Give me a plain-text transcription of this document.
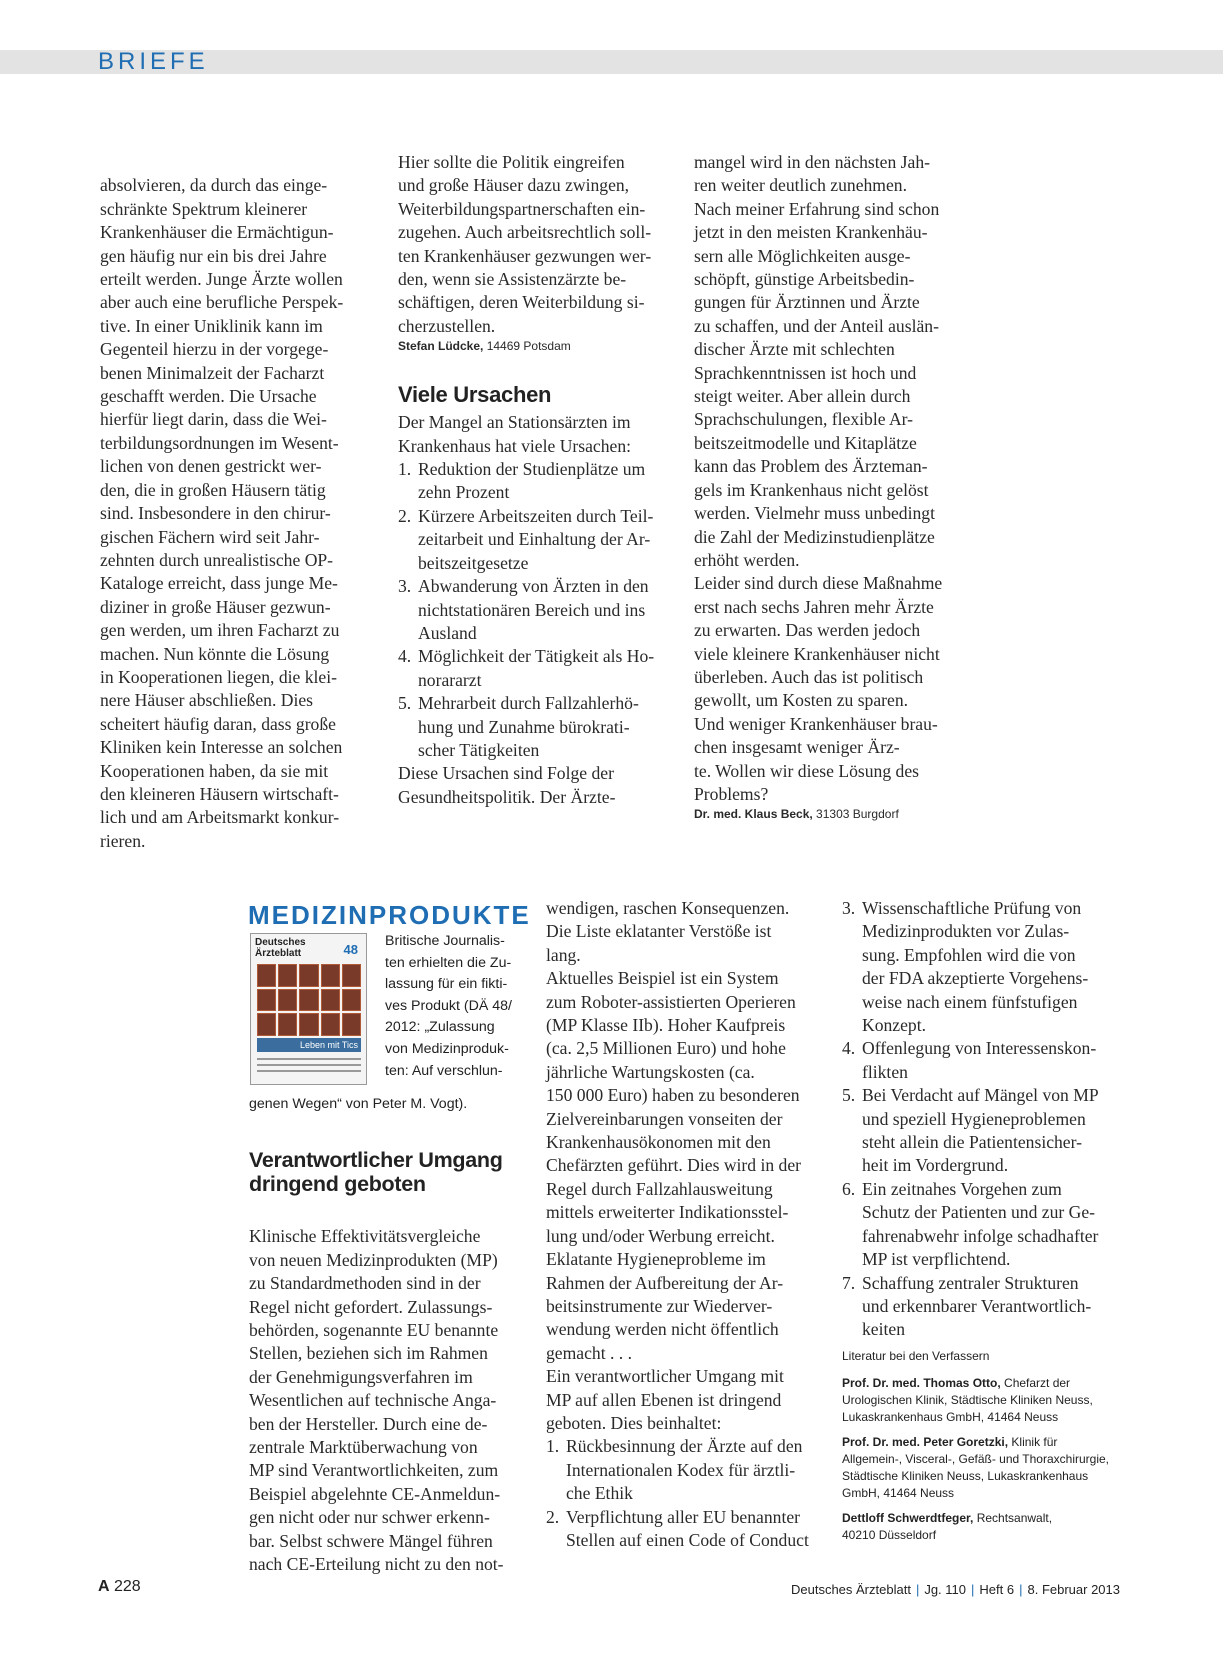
BRIEFE

absolvieren, da durch das einge-
schränkte Spektrum kleinerer
Krankenhäuser die Ermächtigun-
gen häufig nur ein bis drei Jahre
erteilt werden. Junge Ärzte wollen
aber auch eine berufliche Perspek-
tive. In einer Uniklinik kann im
Gegenteil hierzu in der vorgege-
benen Minimalzeit der Facharzt
geschafft werden. Die Ursache
hierfür liegt darin, dass die Wei-
terbildungsordnungen im Wesent-
lichen von denen gestrickt wer-
den, die in großen Häusern tätig
sind. Insbesondere in den chirur-
gischen Fächern wird seit Jahr-
zehnten durch unrealistische OP-
Kataloge erreicht, dass junge Me-
diziner in große Häuser gezwun-
gen werden, um ihren Facharzt zu
machen. Nun könnte die Lösung
in Kooperationen liegen, die klei-
nere Häuser abschließen. Dies
scheitert häufig daran, dass große
Kliniken kein Interesse an solchen
Kooperationen haben, da sie mit
den kleineren Häusern wirtschaft-
lich und am Arbeitsmarkt konkur-
rieren.

Hier sollte die Politik eingreifen
und große Häuser dazu zwingen,
Weiterbildungspartnerschaften ein-
zugehen. Auch arbeitsrechtlich soll-
ten Krankenhäuser gezwungen wer-
den, wenn sie Assistenzärzte be-
schäftigen, deren Weiterbildung si-
cherzustellen.

Stefan Lüdcke, 14469 Potsdam

Viele Ursachen

Der Mangel an Stationsärzten im
Krankenhaus hat viele Ursachen:

1. Reduktion der Studienplätze um
zehn Prozent
2. Kürzere Arbeitszeiten durch Teil-
zeitarbeit und Einhaltung der Ar-
beitszeitgesetze
3. Abwanderung von Ärzten in den
nichtstationären Bereich und ins
Ausland
4. Möglichkeit der Tätigkeit als Ho-
norararzt
5. Mehrarbeit durch Fallzahlerhö-
hung und Zunahme bürokrati-
scher Tätigkeiten

Diese Ursachen sind Folge der
Gesundheitspolitik. Der Ärzte-

mangel wird in den nächsten Jah-
ren weiter deutlich zunehmen.
Nach meiner Erfahrung sind schon
jetzt in den meisten Krankenhäu-
sern alle Möglichkeiten ausge-
schöpft, günstige Arbeitsbedin-
gungen für Ärztinnen und Ärzte
zu schaffen, und der Anteil auslän-
discher Ärzte mit schlechten
Sprachkenntnissen ist hoch und
steigt weiter. Aber allein durch
Sprachschulungen, flexible Ar-
beitszeitmodelle und Kitaplätze
kann das Problem des Ärzteman-
gels im Krankenhaus nicht gelöst
werden. Vielmehr muss unbedingt
die Zahl der Medizinstudienplätze
erhöht werden.
Leider sind durch diese Maßnahme
erst nach sechs Jahren mehr Ärzte
zu erwarten. Das werden jedoch
viele kleinere Krankenhäuser nicht
überleben. Auch das ist politisch
gewollt, um Kosten zu sparen.
Und weniger Krankenhäuser brau-
chen insgesamt weniger Ärz-
te. Wollen wir diese Lösung des
Problems?

Dr. med. Klaus Beck, 31303 Burgdorf

MEDIZINPRODUKTE
Deutsches
Ärzteblatt	48
Leben mit Tics
Britische Journalis-
ten erhielten die Zu-
lassung für ein fikti-
ves Produkt (DÄ 48/
2012: „Zulassung
von Medizinproduk-
ten: Auf verschlun-
genen Wegen“ von Peter M. Vogt).
Verantwortlicher Umgang
dringend geboten

Klinische Effektivitätsvergleiche
von neuen Medizinprodukten (MP)
zu Standardmethoden sind in der
Regel nicht gefordert. Zulassungs-
behörden, sogenannte EU benannte
Stellen, beziehen sich im Rahmen
der Genehmigungsverfahren im
Wesentlichen auf technische Anga-
ben der Hersteller. Durch eine de-
zentrale Marktüberwachung von
MP sind Verantwortlichkeiten, zum
Beispiel abgelehnte CE-Anmeldun-
gen nicht oder nur schwer erkenn-
bar. Selbst schwere Mängel führen
nach CE-Erteilung nicht zu den not-

wendigen, raschen Konsequenzen.
Die Liste eklatanter Verstöße ist
lang.
Aktuelles Beispiel ist ein System
zum Roboter-assistierten Operieren
(MP Klasse IIb). Hoher Kaufpreis
(ca. 2,5 Millionen Euro) und hohe
jährliche Wartungskosten (ca.
150 000 Euro) haben zu besonderen
Zielvereinbarungen vonseiten der
Krankenhausökonomen mit den
Chefärzten geführt. Dies wird in der
Regel durch Fallzahlausweitung
mittels erweiterter Indikationsstel-
lung und/oder Werbung erreicht.
Eklatante Hygieneprobleme im
Rahmen der Aufbereitung der Ar-
beitsinstrumente zur Wiederver-
wendung werden nicht öffentlich
gemacht . . .
Ein verantwortlicher Umgang mit
MP auf allen Ebenen ist dringend
geboten. Dies beinhaltet:

1. Rückbesinnung der Ärzte auf den
Internationalen Kodex für ärztli-
che Ethik
2. Verpflichtung aller EU benannter
Stellen auf einen Code of Conduct
3. Wissenschaftliche Prüfung von
Medizinprodukten vor Zulas-
sung. Empfohlen wird die von
der FDA akzeptierte Vorgehens-
weise nach einem fünfstufigen
Konzept.
4. Offenlegung von Interessenskon-
flikten
5. Bei Verdacht auf Mängel von MP
und speziell Hygieneproblemen
steht allein die Patientensicher-
heit im Vordergrund.
6. Ein zeitnahes Vorgehen zum
Schutz der Patienten und zur Ge-
fahrenabwehr infolge schadhafter
MP ist verpflichtend.
7. Schaffung zentraler Strukturen
und erkennbarer Verantwortlich-
keiten

Literatur bei den Verfassern

Prof. Dr. med. Thomas Otto, Chefarzt der
Urologischen Klinik, Städtische Kliniken Neuss,
Lukaskrankenhaus GmbH, 41464 Neuss

Prof. Dr. med. Peter Goretzki, Klinik für
Allgemein-, Visceral-, Gefäß- und Thoraxchirurgie,
Städtische Kliniken Neuss, Lukaskrankenhaus
GmbH, 41464 Neuss

Dettloff Schwerdtfeger, Rechtsanwalt,
40210 Düsseldorf

A 228	Deutsches Ärzteblatt | Jg. 110 | Heft 6 | 8. Februar 2013
